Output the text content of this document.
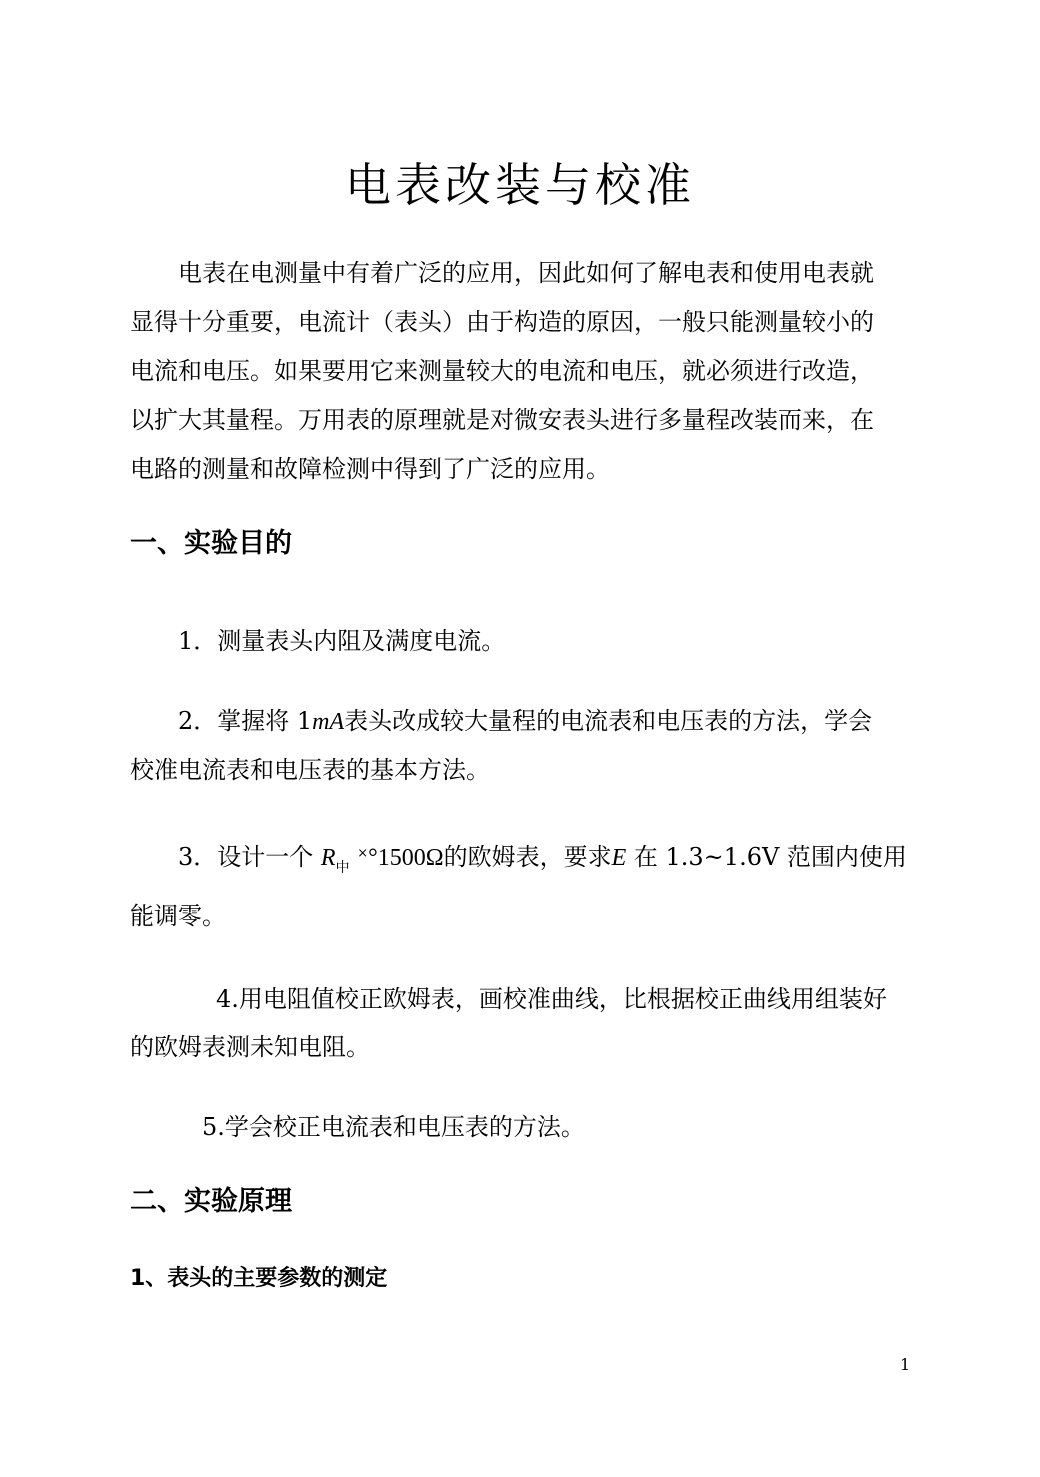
电表改装与校准
电表在电测量中有着广泛的应用，因此如何了解电表和使用电表就
显得十分重要，电流计（表头）由于构造的原因，一般只能测量较小的
电流和电压。如果要用它来测量较大的电流和电压，就必须进行改造，
以扩大其量程。万用表的原理就是对微安表头进行多量程改装而来，在
电路的测量和故障检测中得到了广泛的应用。
一、实验目的
1．测量表头内阻及满度电流。
2．掌握将 1mA表头改成较大量程的电流表和电压表的方法，学会
校准电流表和电压表的基本方法。
3．设计一个 $R_中$ ×°1500Ω的欧姆表，要求E 在 1.3~1.6V 范围内使用
能调零。
4.用电阻值校正欧姆表，画校准曲线，比根据校正曲线用组装好
的欧姆表测未知电阻。
5.学会校正电流表和电压表的方法。
二、实验原理
1、表头的主要参数的测定
1
